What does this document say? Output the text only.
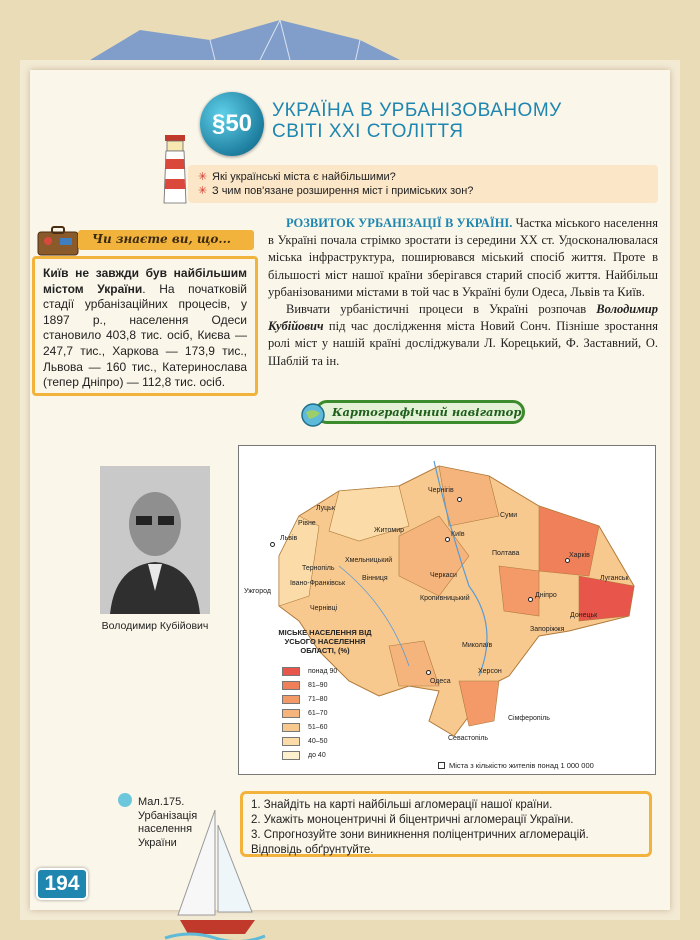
§50	УКРАЇНА В УРБАНІЗОВАНОМУ
СВІТІ ХХІ СТОЛІТТЯ
✳ Які українські міста є найбільшими?
✳ З чим пов'язане розширення міст і приміських зон?
Чи знаєте ви, що...
Київ не завжди був найбільшим містом України. На початковій стадії урбанізаційних процесів, у 1897 р., населення Одеси становило 403,8 тис. осіб, Києва — 247,7 тис., Харкова — 173,9 тис., Львова — 160 тис., Катеринослава (тепер Дніпро) — 112,8 тис. осіб.

РОЗВИТОК УРБАНІЗАЦІЇ В УКРАЇНІ. Частка міського населення в Україні почала стрімко зростати із середини ХХ ст. Удосконалювалася міська інфраструктура, поширювався міський спосіб життя. Проте в більшості міст нашої країни зберігався старий спосіб життя. Найбільш урбанізованими містами в той час в Україні були Одеса, Львів та Київ.

Вивчати урбаністичні процеси в Україні розпочав Володимир Кубійович під час дослідження міста Новий Сонч. Пізніше зростання ролі міст у нашій країні досліджували Л. Корецький, Ф. Заставний, О. Шаблій та ін.

Картографічний навігатор
Володимир Кубійович
Чернігів
Луцьк
Рівне
Житомир
Київ
Суми
Львів
Хмельницький
Тернопіль
Полтава	Харків
Вінниця	Черкаси	Луганськ
Ужгород
Івано-Франківськ
Кропивницький	Дніпро
Чернівці
Донецьк
Запоріжжя
Миколаїв
Одеса
Херсон
Сімферопіль
Севастопіль
МІСЬКЕ НАСЕЛЕННЯ ВІД УСЬОГО НАСЕЛЕННЯ ОБЛАСТІ, (%)
понад 90
81–90
71–80
61–70
51–60
40–50
до 40
Міста з кількістю жителів понад 1 000 000
Мал.175. Урбанізація населення України
1. Знайдіть на карті найбільші агломерації нашої країни.
2. Укажіть моноцентричні й біцентричні агломерації України.
3. Спрогнозуйте зони виникнення поліцентричних агломерацій. Відповідь обґрунтуйте.
194
